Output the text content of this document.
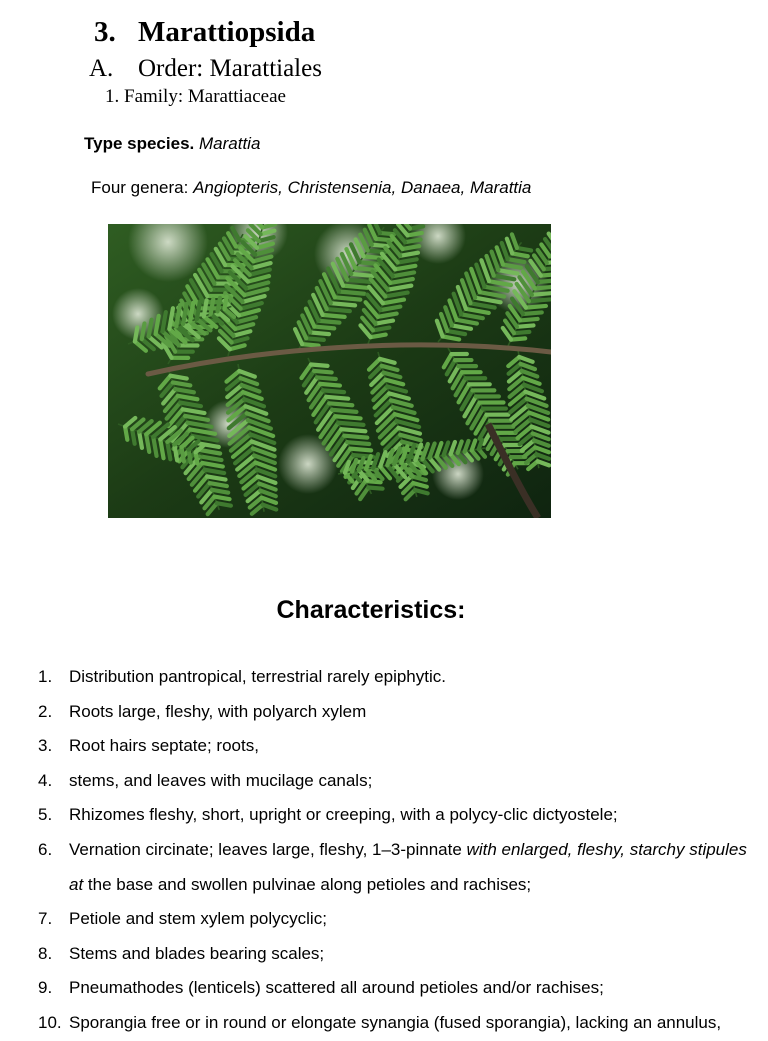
3. Marattiopsida
A. Order: Marattiales
1. Family: Marattiaceae
Type species. Marattia
Four genera: Angiopteris, Christensenia, Danaea, Marattia
Characteristics:
1. Distribution pantropical, terrestrial rarely epiphytic.
2. Roots large, fleshy, with polyarch xylem
3. Root hairs septate; roots,
4. stems, and leaves with mucilage canals;
5. Rhizomes fleshy, short, upright or creeping, with a polycy-clic dictyostele;
6. Vernation circinate; leaves large, fleshy, 1–3-pinnate with enlarged, fleshy, starchy stipules at the base and swollen pulvinae along petioles and rachises;
7. Petiole and stem xylem polycyclic;
8. Stems and blades bearing scales;
9. Pneumathodes (lenticels) scattered all around petioles and/or rachises;
10. Sporangia free or in round or elongate synangia (fused sporangia), lacking an annulus,
